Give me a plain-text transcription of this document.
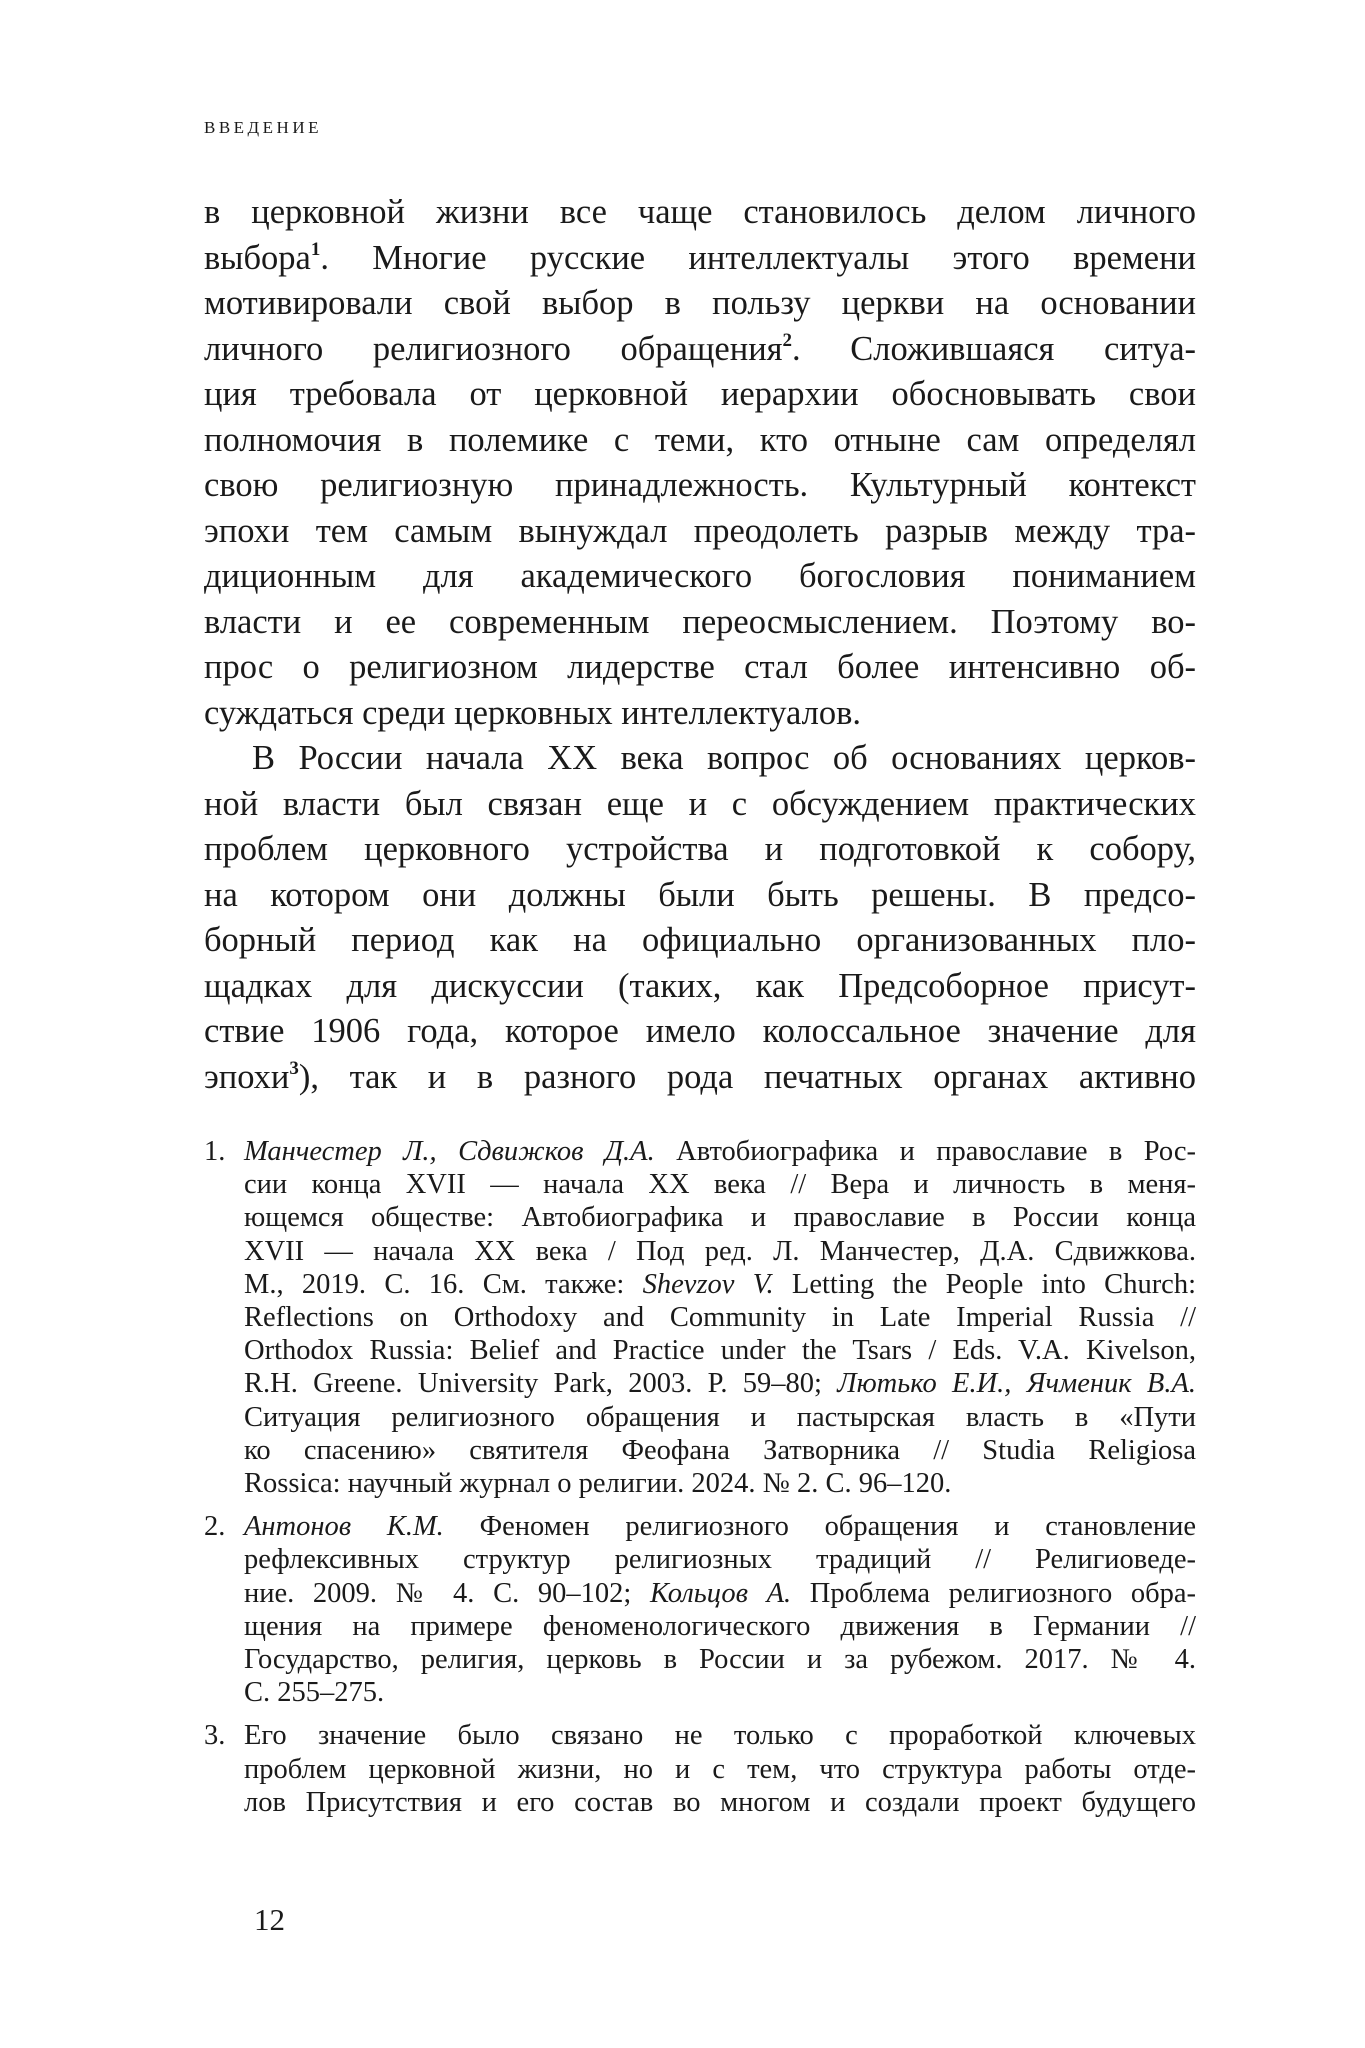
ВВЕДЕНИЕ
в церковной жизни все чаще становилось делом личного
выбора$^1$. Многие русские интеллектуалы этого времени
мотивировали свой выбор в пользу церкви на основании
личного религиозного обращения$^2$. Сложившаяся ситуа-
ция требовала от церковной иерархии обосновывать свои
полномочия в полемике с теми, кто отныне сам определял
свою религиозную принадлежность. Культурный контекст
эпохи тем самым вынуждал преодолеть разрыв между тра-
диционным для академического богословия пониманием
власти и ее современным переосмыслением. Поэтому во-
прос о религиозном лидерстве стал более интенсивно об-
суждаться среди церковных интеллектуалов.
В России начала XX века вопрос об основаниях церков-
ной власти был связан еще и с обсуждением практических
проблем церковного устройства и подготовкой к собору,
на котором они должны были быть решены. В предсо-
борный период как на официально организованных пло-
щадках для дискуссии (таких, как Предсоборное присут-
ствие 1906 года, которое имело колоссальное значение для
эпохи$^3$), так и в разного рода печатных органах активно
1. Манчестер Л., Сдвижков Д.А. Автобиографика и православие в Рос-
сии конца XVII — начала XX века // Вера и личность в меня-
ющемся обществе: Автобиографика и православие в России конца
XVII — начала XX века / Под ред. Л. Манчестер, Д.А. Сдвижкова.
М., 2019. С. 16. См. также: Shevzov V. Letting the People into Church:
Reflections on Orthodoxy and Community in Late Imperial Russia //
Orthodox Russia: Belief and Practice under the Tsars / Eds. V.A. Kivelson,
R.H. Greene. University Park, 2003. P. 59–80; Лютько Е.И., Ячменик В.А.
Ситуация религиозного обращения и пастырская власть в «Пути
ко спасению» святителя Феофана Затворника // Studia Religiosa
Rossica: научный журнал о религии. 2024. № 2. С. 96–120.
2. Антонов К.М. Феномен религиозного обращения и становление
рефлексивных структур религиозных традиций // Религиоведе-
ние. 2009. № 4. С. 90–102; Кольцов А. Проблема религиозного обра-
щения на примере феноменологического движения в Германии //
Государство, религия, церковь в России и за рубежом. 2017. № 4.
С. 255–275.
3. Его значение было связано не только с проработкой ключевых
проблем церковной жизни, но и с тем, что структура работы отде-
лов Присутствия и его состав во многом и создали проект будущего
12
